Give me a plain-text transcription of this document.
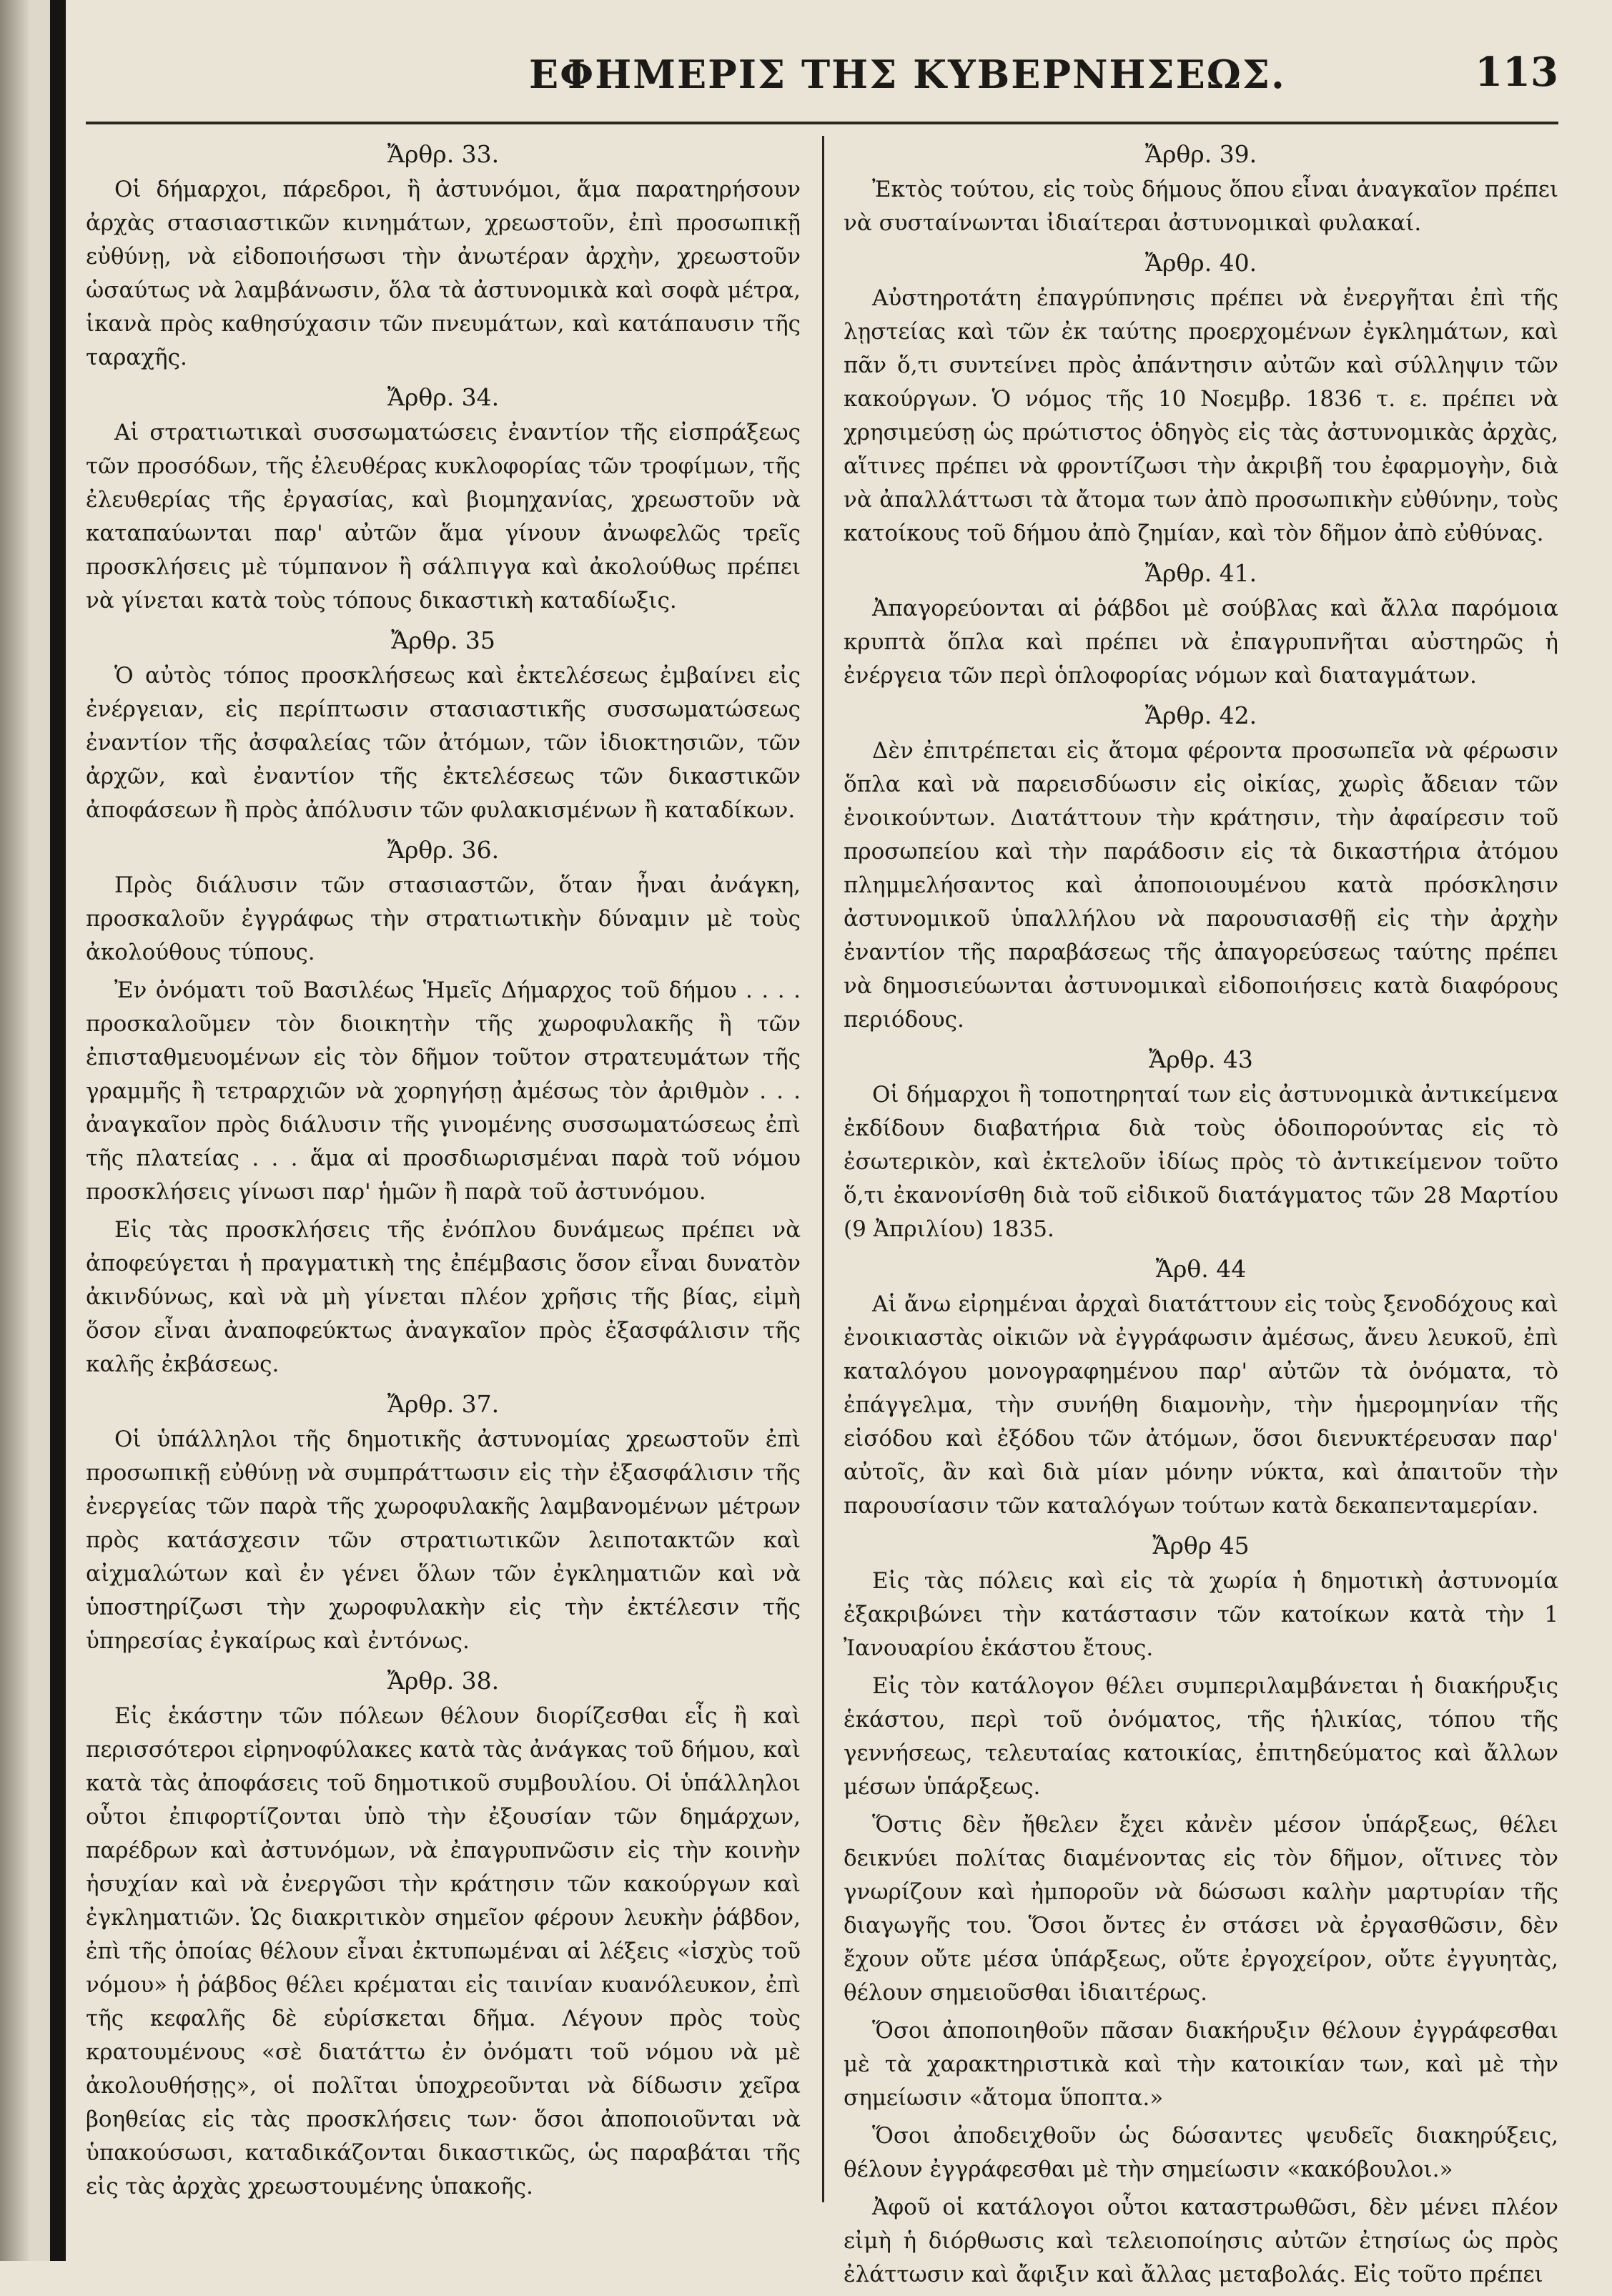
ΕΦΗΜΕΡΙΣ ΤΗΣ ΚΥΒΕΡΝΗΣΕΩΣ.	113
Ἄρθρ. 33.

Οἱ δήμαρχοι, πάρεδροι, ἢ ἀστυνόμοι, ἅμα παρατηρήσουν ἀρχὰς στασιαστικῶν κινημάτων, χρεωστοῦν, ἐπὶ προσωπικῇ εὐθύνῃ, νὰ εἰδοποιήσωσι τὴν ἀνωτέραν ἀρχὴν, χρεωστοῦν ὡσαύτως νὰ λαμβάνωσιν, ὅλα τὰ ἀστυνομικὰ καὶ σοφὰ μέτρα, ἱκανὰ πρὸς καθησύχασιν τῶν πνευμάτων, καὶ κατάπαυσιν τῆς ταραχῆς.

Ἄρθρ. 34.

Αἱ στρατιωτικαὶ συσσωματώσεις ἐναντίον τῆς εἰσπράξεως τῶν προσόδων, τῆς ἐλευθέρας κυκλοφορίας τῶν τροφίμων, τῆς ἐλευθερίας τῆς ἐργασίας, καὶ βιομηχανίας, χρεωστοῦν νὰ καταπαύωνται παρ' αὐτῶν ἅμα γίνουν ἀνωφελῶς τρεῖς προσκλήσεις μὲ τύμπανον ἢ σάλπιγγα καὶ ἀκολούθως πρέπει νὰ γίνεται κατὰ τοὺς τόπους δικαστικὴ καταδίωξις.

Ἄρθρ. 35

Ὁ αὐτὸς τόπος προσκλήσεως καὶ ἐκτελέσεως ἐμβαίνει εἰς ἐνέργειαν, εἰς περίπτωσιν στασιαστικῆς συσσωματώσεως ἐναντίον τῆς ἀσφαλείας τῶν ἀτόμων, τῶν ἰδιοκτησιῶν, τῶν ἀρχῶν, καὶ ἐναντίον τῆς ἐκτελέσεως τῶν δικαστικῶν ἀποφάσεων ἢ πρὸς ἀπόλυσιν τῶν φυλακισμένων ἢ καταδίκων.

Ἄρθρ. 36.

Πρὸς διάλυσιν τῶν στασιαστῶν, ὅταν ἦναι ἀνάγκη, προσκαλοῦν ἐγγράφως τὴν στρατιωτικὴν δύναμιν μὲ τοὺς ἀκολούθους τύπους.

Ἐν ὀνόματι τοῦ Βασιλέως Ἡμεῖς Δήμαρχος τοῦ δήμου . . . . προσκαλοῦμεν τὸν διοικητὴν τῆς χωροφυλακῆς ἢ τῶν ἐπισταθμευομένων εἰς τὸν δῆμον τοῦτον στρατευμάτων τῆς γραμμῆς ἢ τετραρχιῶν νὰ χορηγήσῃ ἀμέσως τὸν ἀριθμὸν . . . ἀναγκαῖον πρὸς διάλυσιν τῆς γινομένης συσσωματώσεως ἐπὶ τῆς πλατείας . . . ἅμα αἱ προσδιωρισμέναι παρὰ τοῦ νόμου προσκλήσεις γίνωσι παρ' ἡμῶν ἢ παρὰ τοῦ ἀστυνόμου.

Εἰς τὰς προσκλήσεις τῆς ἐνόπλου δυνάμεως πρέπει νὰ ἀποφεύγεται ἡ πραγματικὴ της ἐπέμβασις ὅσον εἶναι δυνατὸν ἀκινδύνως, καὶ νὰ μὴ γίνεται πλέον χρῆσις τῆς βίας, εἰμὴ ὅσον εἶναι ἀναποφεύκτως ἀναγκαῖον πρὸς ἐξασφάλισιν τῆς καλῆς ἐκβάσεως.

Ἄρθρ. 37.

Οἱ ὑπάλληλοι τῆς δημοτικῆς ἀστυνομίας χρεωστοῦν ἐπὶ προσωπικῇ εὐθύνῃ νὰ συμπράττωσιν εἰς τὴν ἐξασφάλισιν τῆς ἐνεργείας τῶν παρὰ τῆς χωροφυλακῆς λαμβανομένων μέτρων πρὸς κατάσχεσιν τῶν στρατιωτικῶν λειποτακτῶν καὶ αἰχμαλώτων καὶ ἐν γένει ὅλων τῶν ἐγκληματιῶν καὶ νὰ ὑποστηρίζωσι τὴν χωροφυλακὴν εἰς τὴν ἐκτέλεσιν τῆς ὑπηρεσίας ἐγκαίρως καὶ ἐντόνως.

Ἄρθρ. 38.

Εἰς ἑκάστην τῶν πόλεων θέλουν διορίζεσθαι εἷς ἢ καὶ περισσότεροι εἰρηνοφύλακες κατὰ τὰς ἀνάγκας τοῦ δήμου, καὶ κατὰ τὰς ἀποφάσεις τοῦ δημοτικοῦ συμβουλίου. Οἱ ὑπάλληλοι οὗτοι ἐπιφορτίζονται ὑπὸ τὴν ἐξουσίαν τῶν δημάρχων, παρέδρων καὶ ἀστυνόμων, νὰ ἐπαγρυπνῶσιν εἰς τὴν κοινὴν ἡσυχίαν καὶ νὰ ἐνεργῶσι τὴν κράτησιν τῶν κακούργων καὶ ἐγκληματιῶν. Ὡς διακριτικὸν σημεῖον φέρουν λευκὴν ῥάβδον, ἐπὶ τῆς ὁποίας θέλουν εἶναι ἐκτυπωμέναι αἱ λέξεις «ἰσχὺς τοῦ νόμου» ἡ ῥάβδος θέλει κρέμαται εἰς ταινίαν κυανόλευκον, ἐπὶ τῆς κεφαλῆς δὲ εὑρίσκεται δῆμα. Λέγουν πρὸς τοὺς κρατουμένους «σὲ διατάττω ἐν ὀνόματι τοῦ νόμου νὰ μὲ ἀκολουθήσῃς», οἱ πολῖται ὑποχρεοῦνται νὰ δίδωσιν χεῖρα βοηθείας εἰς τὰς προσκλήσεις των· ὅσοι ἀποποιοῦνται νὰ ὑπακούσωσι, καταδικάζονται δικαστικῶς, ὡς παραβάται τῆς εἰς τὰς ἀρχὰς χρεωστουμένης ὑπακοῆς.

Ἄρθρ. 39.

Ἐκτὸς τούτου, εἰς τοὺς δήμους ὅπου εἶναι ἀναγκαῖον πρέπει νὰ συσταίνωνται ἰδιαίτεραι ἀστυνομικαὶ φυλακαί.

Ἄρθρ. 40.

Αὐστηροτάτη ἐπαγρύπνησις πρέπει νὰ ἐνεργῆται ἐπὶ τῆς λῃστείας καὶ τῶν ἐκ ταύτης προερχομένων ἐγκλημάτων, καὶ πᾶν ὅ,τι συντείνει πρὸς ἀπάντησιν αὐτῶν καὶ σύλληψιν τῶν κακούργων. Ὁ νόμος τῆς 10 Νοεμβρ. 1836 τ. ε. πρέπει νὰ χρησιμεύσῃ ὡς πρώτιστος ὁδηγὸς εἰς τὰς ἀστυνομικὰς ἀρχὰς, αἵτινες πρέπει νὰ φροντίζωσι τὴν ἀκριβῆ του ἐφαρμογὴν, διὰ νὰ ἀπαλλάττωσι τὰ ἄτομα των ἀπὸ προσωπικὴν εὐθύνην, τοὺς κατοίκους τοῦ δήμου ἀπὸ ζημίαν, καὶ τὸν δῆμον ἀπὸ εὐθύνας.

Ἄρθρ. 41.

Ἀπαγορεύονται αἱ ῥάβδοι μὲ σούβλας καὶ ἄλλα παρόμοια κρυπτὰ ὅπλα καὶ πρέπει νὰ ἐπαγρυπνῆται αὐστηρῶς ἡ ἐνέργεια τῶν περὶ ὁπλοφορίας νόμων καὶ διαταγμάτων.

Ἄρθρ. 42.

Δὲν ἐπιτρέπεται εἰς ἄτομα φέροντα προσωπεῖα νὰ φέρωσιν ὅπλα καὶ νὰ παρεισδύωσιν εἰς οἰκίας, χωρὶς ἄδειαν τῶν ἐνοικούντων. Διατάττουν τὴν κράτησιν, τὴν ἀφαίρεσιν τοῦ προσωπείου καὶ τὴν παράδοσιν εἰς τὰ δικαστήρια ἀτόμου πλημμελήσαντος καὶ ἀποποιουμένου κατὰ πρόσκλησιν ἀστυνομικοῦ ὑπαλλήλου νὰ παρουσιασθῇ εἰς τὴν ἀρχὴν ἐναντίον τῆς παραβάσεως τῆς ἀπαγορεύσεως ταύτης πρέπει νὰ δημοσιεύωνται ἀστυνομικαὶ εἰδοποιήσεις κατὰ διαφόρους περιόδους.

Ἄρθρ. 43

Οἱ δήμαρχοι ἢ τοποτηρηταί των εἰς ἀστυνομικὰ ἀντικείμενα ἐκδίδουν διαβατήρια διὰ τοὺς ὁδοιπορούντας εἰς τὸ ἐσωτερικὸν, καὶ ἐκτελοῦν ἰδίως πρὸς τὸ ἀντικείμενον τοῦτο ὅ,τι ἐκανονίσθη διὰ τοῦ εἰδικοῦ διατάγματος τῶν 28 Μαρτίου (9 Ἀπριλίου) 1835.

Ἄρθ. 44

Αἱ ἄνω εἰρημέναι ἀρχαὶ διατάττουν εἰς τοὺς ξενοδόχους καὶ ἐνοικιαστὰς οἰκιῶν νὰ ἐγγράφωσιν ἀμέσως, ἄνευ λευκοῦ, ἐπὶ καταλόγου μονογραφημένου παρ' αὐτῶν τὰ ὀνόματα, τὸ ἐπάγγελμα, τὴν συνήθη διαμονὴν, τὴν ἡμερομηνίαν τῆς εἰσόδου καὶ ἐξόδου τῶν ἀτόμων, ὅσοι διενυκτέρευσαν παρ' αὐτοῖς, ἂν καὶ διὰ μίαν μόνην νύκτα, καὶ ἀπαιτοῦν τὴν παρουσίασιν τῶν καταλόγων τούτων κατὰ δεκαπενταμερίαν.

Ἄρθρ 45

Εἰς τὰς πόλεις καὶ εἰς τὰ χωρία ἡ δημοτικὴ ἀστυνομία ἐξακριβώνει τὴν κατάστασιν τῶν κατοίκων κατὰ τὴν 1 Ἰανουαρίου ἑκάστου ἔτους.

Εἰς τὸν κατάλογον θέλει συμπεριλαμβάνεται ἡ διακήρυξις ἑκάστου, περὶ τοῦ ὀνόματος, τῆς ἡλικίας, τόπου τῆς γεννήσεως, τελευταίας κατοικίας, ἐπιτηδεύματος καὶ ἄλλων μέσων ὑπάρξεως.

Ὅστις δὲν ἤθελεν ἔχει κἀνὲν μέσον ὑπάρξεως, θέλει δεικνύει πολίτας διαμένοντας εἰς τὸν δῆμον, οἵτινες τὸν γνωρίζουν καὶ ἠμποροῦν νὰ δώσωσι καλὴν μαρτυρίαν τῆς διαγωγῆς του. Ὅσοι ὄντες ἐν στάσει νὰ ἐργασθῶσιν, δὲν ἔχουν οὔτε μέσα ὑπάρξεως, οὔτε ἐργοχείρον, οὔτε ἐγγυητὰς, θέλουν σημειοῦσθαι ἰδιαιτέρως.

Ὅσοι ἀποποιηθοῦν πᾶσαν διακήρυξιν θέλουν ἐγγράφεσθαι μὲ τὰ χαρακτηριστικὰ καὶ τὴν κατοικίαν των, καὶ μὲ τὴν σημείωσιν «ἄτομα ὕποπτα.»

Ὅσοι ἀποδειχθοῦν ὡς δώσαντες ψευδεῖς διακηρύξεις, θέλουν ἐγγράφεσθαι μὲ τὴν σημείωσιν «κακόβουλοι.»

Ἀφοῦ οἱ κατάλογοι οὗτοι καταστρωθῶσι, δὲν μένει πλέον εἰμὴ ἡ διόρθωσις καὶ τελειοποίησις αὐτῶν ἐτησίως ὡς πρὸς ἐλάττωσιν καὶ ἄφιξιν καὶ ἄλλας μεταβολάς. Εἰς τοῦτο πρέπει
